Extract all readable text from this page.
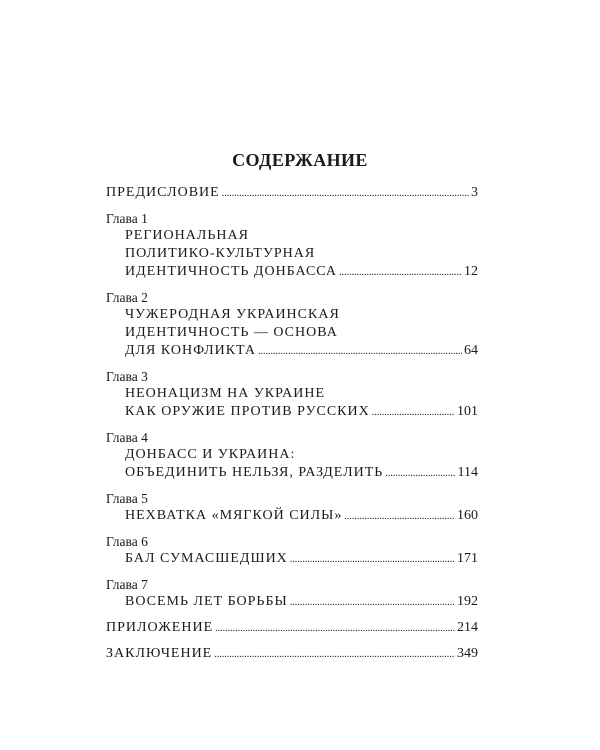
СОДЕРЖАНИЕ
ПРЕДИСЛОВИЕ .....	3
Глава 1
РЕГИОНАЛЬНАЯ
ПОЛИТИКО-КУЛЬТУРНАЯ
ИДЕНТИЧНОСТЬ ДОНБАССА .....	12
Глава 2
ЧУЖЕРОДНАЯ УКРАИНСКАЯ
ИДЕНТИЧНОСТЬ — ОСНОВА
ДЛЯ КОНФЛИКТА .....	64
Глава 3
НЕОНАЦИЗМ НА УКРАИНЕ
КАК ОРУЖИЕ ПРОТИВ РУССКИХ .....	101
Глава 4
ДОНБАСС И УКРАИНА:
ОБЪЕДИНИТЬ НЕЛЬЗЯ, РАЗДЕЛИТЬ .....	114
Глава 5
НЕХВАТКА «МЯГКОЙ СИЛЫ» .....	160
Глава 6
БАЛ СУМАСШЕДШИХ .....	171
Глава 7
ВОСЕМЬ ЛЕТ БОРЬБЫ .....	192
ПРИЛОЖЕНИЕ .....	214
ЗАКЛЮЧЕНИЕ .....	349
